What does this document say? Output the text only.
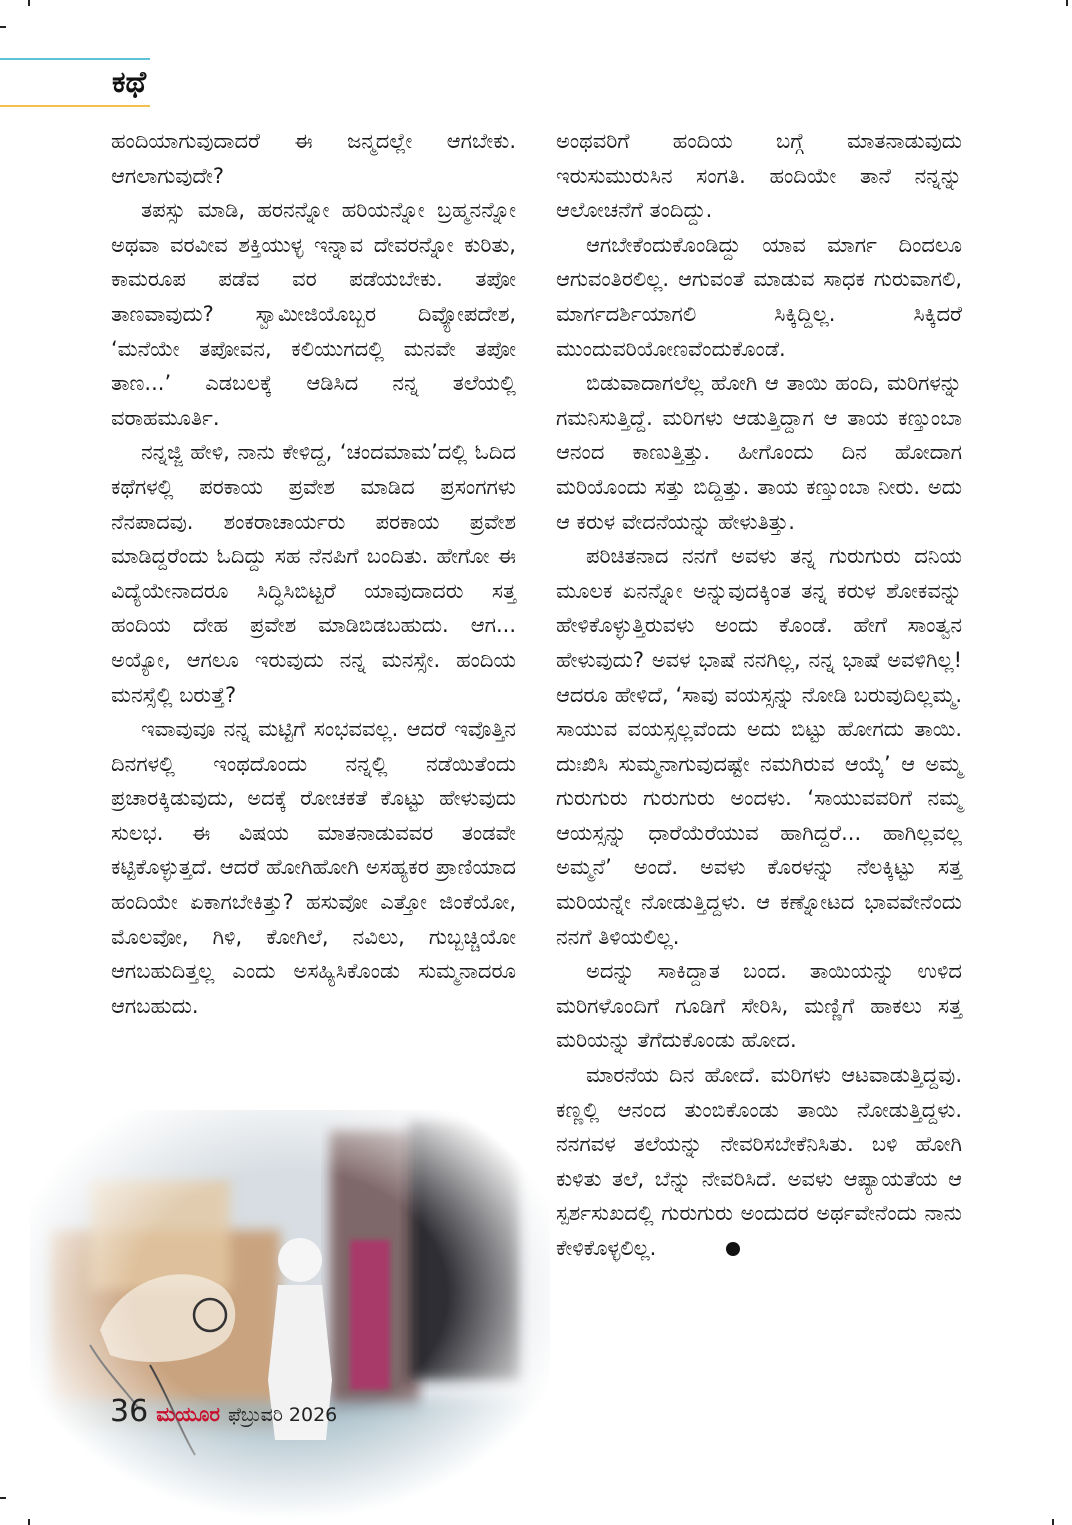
ಕಥೆ

ಹಂದಿಯಾಗುವುದಾದರೆ ಈ ಜನ್ಮದಲ್ಲೇ ಆಗಬೇಕು. ಆಗಲಾಗುವುದೇ?

ತಪಸ್ಸು ಮಾಡಿ, ಹರನನ್ನೋ ಹರಿಯನ್ನೋ ಬ್ರಹ್ಮನನ್ನೋ ಅಥವಾ ವರವೀವ ಶಕ್ತಿಯುಳ್ಳ ಇನ್ನಾವ ದೇವರನ್ನೋ ಕುರಿತು, ಕಾಮರೂಪ ಪಡೆವ ವರ ಪಡೆಯಬೇಕು. ತಪೋ ತಾಣವಾವುದು? ಸ್ವಾಮೀಜಿಯೊಬ್ಬರ ದಿವ್ಯೋಪದೇಶ, ‘ಮನೆಯೇ ತಪೋವನ, ಕಲಿಯುಗದಲ್ಲಿ ಮನವೇ ತಪೋ ತಾಣ...’ ಎಡಬಲಕ್ಕೆ ಆಡಿಸಿದ ನನ್ನ ತಲೆಯಲ್ಲಿ ವರಾಹಮೂರ್ತಿ.

ನನ್ನಜ್ಜಿ ಹೇಳಿ, ನಾನು ಕೇಳಿದ್ದ, ‘ಚಂದಮಾಮ’ದಲ್ಲಿ ಓದಿದ ಕಥೆಗಳಲ್ಲಿ ಪರಕಾಯ ಪ್ರವೇಶ ಮಾಡಿದ ಪ್ರಸಂಗಗಳು ನೆನಪಾದವು. ಶಂಕರಾಚಾರ್ಯರು ಪರಕಾಯ ಪ್ರವೇಶ ಮಾಡಿದ್ದರೆಂದು ಓದಿದ್ದು ಸಹ ನೆನಪಿಗೆ ಬಂದಿತು. ಹೇಗೋ ಈ ವಿದ್ಯೆಯೇನಾದರೂ ಸಿದ್ಧಿಸಿಬಿಟ್ಟರೆ ಯಾವುದಾದರು ಸತ್ತ ಹಂದಿಯ ದೇಹ ಪ್ರವೇಶ ಮಾಡಿಬಿಡಬಹುದು. ಆಗ... ಅಯ್ಯೋ, ಆಗಲೂ ಇರುವುದು ನನ್ನ ಮನಸ್ಸೇ. ಹಂದಿಯ ಮನಸ್ಸೆಲ್ಲಿ ಬರುತ್ತೆ?

ಇವಾವುವೂ ನನ್ನ ಮಟ್ಟಿಗೆ ಸಂಭವವಲ್ಲ. ಆದರೆ ಇವೊತ್ತಿನ ದಿನಗಳಲ್ಲಿ ಇಂಥದೊಂದು ನನ್ನಲ್ಲಿ ನಡೆಯಿತೆಂದು ಪ್ರಚಾರಕ್ಕಿಡುವುದು, ಅದಕ್ಕೆ ರೋಚಕತೆ ಕೊಟ್ಟು ಹೇಳುವುದು ಸುಲಭ. ಈ ವಿಷಯ ಮಾತನಾಡುವವರ ತಂಡವೇ ಕಟ್ಟಿಕೊಳ್ಳುತ್ತದೆ. ಆದರೆ ಹೋಗಿಹೋಗಿ ಅಸಹ್ಯಕರ ಪ್ರಾಣಿಯಾದ ಹಂದಿಯೇ ಏಕಾಗಬೇಕಿತ್ತು? ಹಸುವೋ ಎತ್ತೋ ಜಿಂಕೆಯೋ, ಮೊಲವೋ, ಗಿಳಿ, ಕೋಗಿಲೆ, ನವಿಲು, ಗುಬ್ಬಚ್ಚಿಯೋ ಆಗಬಹುದಿತ್ತಲ್ಲ ಎಂದು ಅಸಹ್ಯಿಸಿಕೊಂಡು ಸುಮ್ಮನಾದರೂ ಆಗಬಹುದು.

ಅಂಥವರಿಗೆ ಹಂದಿಯ ಬಗ್ಗೆ ಮಾತನಾಡುವುದು ಇರುಸುಮುರುಸಿನ ಸಂಗತಿ. ಹಂದಿಯೇ ತಾನೆ ನನ್ನನ್ನು ಆಲೋಚನೆಗೆ ತಂದಿದ್ದು.

ಆಗಬೇಕೆಂದುಕೊಂಡಿದ್ದು ಯಾವ ಮಾರ್ಗ ದಿಂದಲೂ ಆಗುವಂತಿರಲಿಲ್ಲ. ಆಗುವಂತೆ ಮಾಡುವ ಸಾಧಕ ಗುರುವಾಗಲಿ, ಮಾರ್ಗದರ್ಶಿಯಾಗಲಿ ಸಿಕ್ಕಿದ್ದಿಲ್ಲ. ಸಿಕ್ಕಿದರೆ ಮುಂದುವರಿಯೋಣವೆಂದುಕೊಂಡೆ.

ಬಿಡುವಾದಾಗಲೆಲ್ಲ ಹೋಗಿ ಆ ತಾಯಿ ಹಂದಿ, ಮರಿಗಳನ್ನು ಗಮನಿಸುತ್ತಿದ್ದೆ. ಮರಿಗಳು ಆಡುತ್ತಿದ್ದಾಗ ಆ ತಾಯ ಕಣ್ತುಂಬಾ ಆನಂದ ಕಾಣುತ್ತಿತ್ತು. ಹೀಗೊಂದು ದಿನ ಹೋದಾಗ ಮರಿಯೊಂದು ಸತ್ತು ಬಿದ್ದಿತ್ತು. ತಾಯ ಕಣ್ತುಂಬಾ ನೀರು. ಅದು ಆ ಕರುಳ ವೇದನೆಯನ್ನು ಹೇಳುತಿತ್ತು.

ಪರಿಚಿತನಾದ ನನಗೆ ಅವಳು ತನ್ನ ಗುರುಗುರು ದನಿಯ ಮೂಲಕ ಏನನ್ನೋ ಅನ್ನುವುದಕ್ಕಿಂತ ತನ್ನ ಕರುಳ ಶೋಕವನ್ನು ಹೇಳಿಕೊಳ್ಳುತ್ತಿರುವಳು ಅಂದು ಕೊಂಡೆ. ಹೇಗೆ ಸಾಂತ್ವನ ಹೇಳುವುದು? ಅವಳ ಭಾಷೆ ನನಗಿಲ್ಲ, ನನ್ನ ಭಾಷೆ ಅವಳಿಗಿಲ್ಲ! ಆದರೂ ಹೇಳಿದೆ, ‘ಸಾವು ವಯಸ್ಸನ್ನು ನೋಡಿ ಬರುವುದಿಲ್ಲಮ್ಮ. ಸಾಯುವ ವಯಸ್ಸಲ್ಲವೆಂದು ಅದು ಬಿಟ್ಟು ಹೋಗದು ತಾಯಿ. ದುಃಖಿಸಿ ಸುಮ್ಮನಾಗುವುದಷ್ಟೇ ನಮಗಿರುವ ಆಯ್ಕೆ’ ಆ ಅಮ್ಮ ಗುರುಗುರು ಗುರುಗುರು ಅಂದಳು. ‘ಸಾಯುವವರಿಗೆ ನಮ್ಮ ಆಯಸ್ಸನ್ನು ಧಾರೆಯೆರೆಯುವ ಹಾಗಿದ್ದರೆ... ಹಾಗಿಲ್ಲವಲ್ಲ ಅಮ್ಮನೆ’ ಅಂದೆ. ಅವಳು ಕೊರಳನ್ನು ನೆಲಕ್ಕಿಟ್ಟು ಸತ್ತ ಮರಿಯನ್ನೇ ನೋಡುತ್ತಿದ್ದಳು. ಆ ಕಣ್ನೋಟದ ಭಾವವೇನೆಂದು ನನಗೆ ತಿಳಿಯಲಿಲ್ಲ.

ಅದನ್ನು ಸಾಕಿದ್ದಾತ ಬಂದ. ತಾಯಿಯನ್ನು ಉಳಿದ ಮರಿಗಳೊಂದಿಗೆ ಗೂಡಿಗೆ ಸೇರಿಸಿ, ಮಣ್ಣಿಗೆ ಹಾಕಲು ಸತ್ತ ಮರಿಯನ್ನು ತೆಗೆದುಕೊಂಡು ಹೋದ.

ಮಾರನೆಯ ದಿನ ಹೋದೆ. ಮರಿಗಳು ಆಟವಾಡುತ್ತಿದ್ದವು. ಕಣ್ಣಲ್ಲಿ ಆನಂದ ತುಂಬಿಕೊಂಡು ತಾಯಿ ನೋಡುತ್ತಿದ್ದಳು. ನನಗವಳ ತಲೆಯನ್ನು ನೇವರಿಸಬೇಕೆನಿಸಿತು. ಬಳಿ ಹೋಗಿ ಕುಳಿತು ತಲೆ, ಬೆನ್ನು ನೇವರಿಸಿದೆ. ಅವಳು ಆಪ್ಯಾಯತೆಯ ಆ ಸ್ಪರ್ಶಸುಖದಲ್ಲಿ ಗುರುಗುರು ಅಂದುದರ ಅರ್ಥವೇನೆಂದು ನಾನು ಕೇಳಿಕೊಳ್ಳಲಿಲ್ಲ.

36 ಮಯೂರ ಫೆಬ್ರುವರಿ 2026
